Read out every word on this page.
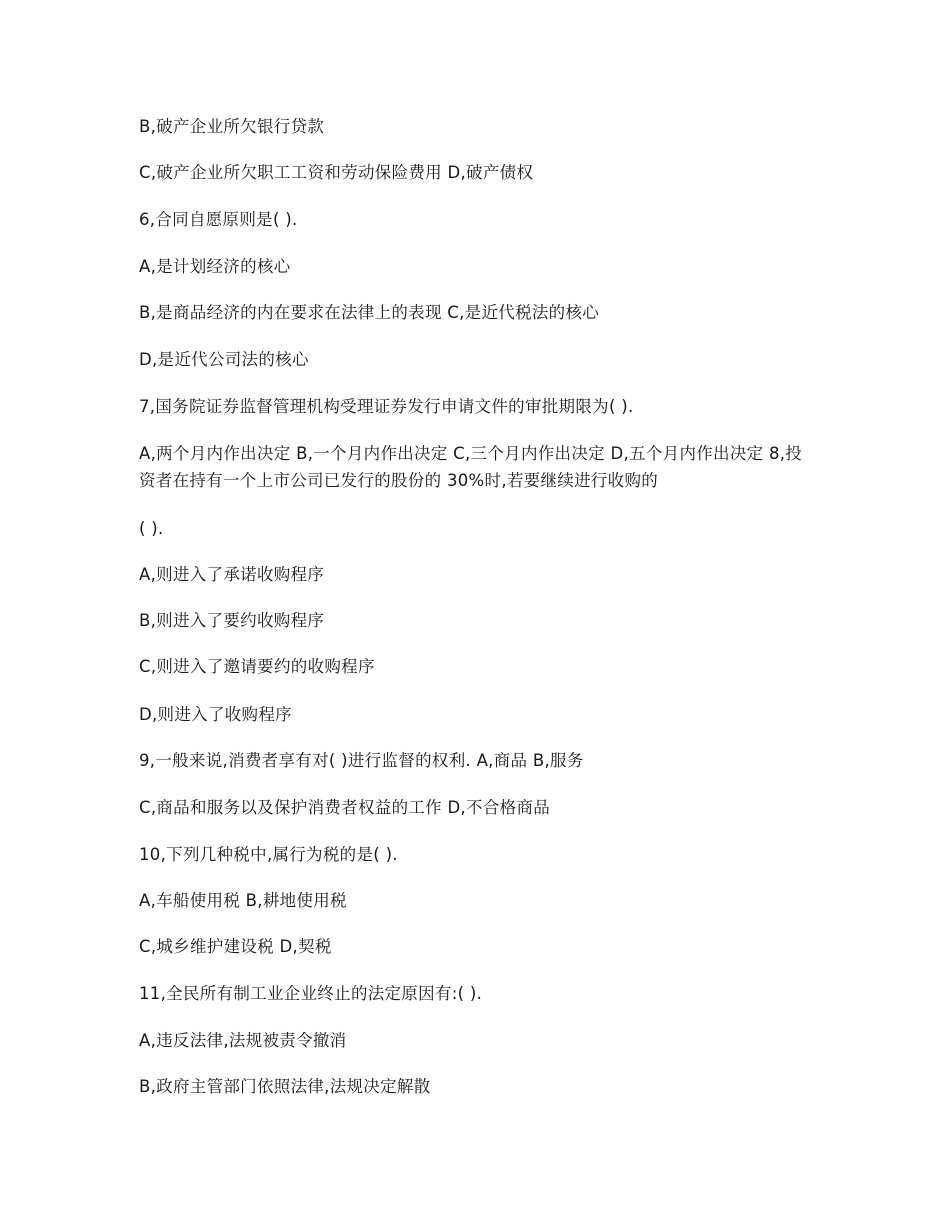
B,破产企业所欠银行贷款
C,破产企业所欠职工工资和劳动保险费用 D,破产债权
6,合同自愿原则是( ).
A,是计划经济的核心
B,是商品经济的内在要求在法律上的表现 C,是近代税法的核心
D,是近代公司法的核心
7,国务院证券监督管理机构受理证券发行申请文件的审批期限为( ).
A,两个月内作出决定 B,一个月内作出决定 C,三个月内作出决定 D,五个月内作出决定 8,投资者在持有一个上市公司已发行的股份的 30%时,若要继续进行收购的
( ).
A,则进入了承诺收购程序
B,则进入了要约收购程序
C,则进入了邀请要约的收购程序
D,则进入了收购程序
9,一般来说,消费者享有对( )进行监督的权利. A,商品 B,服务
C,商品和服务以及保护消费者权益的工作 D,不合格商品
10,下列几种税中,属行为税的是( ).
A,车船使用税 B,耕地使用税
C,城乡维护建设税 D,契税
11,全民所有制工业企业终止的法定原因有:( ).
A,违反法律,法规被责令撤消
B,政府主管部门依照法律,法规决定解散
